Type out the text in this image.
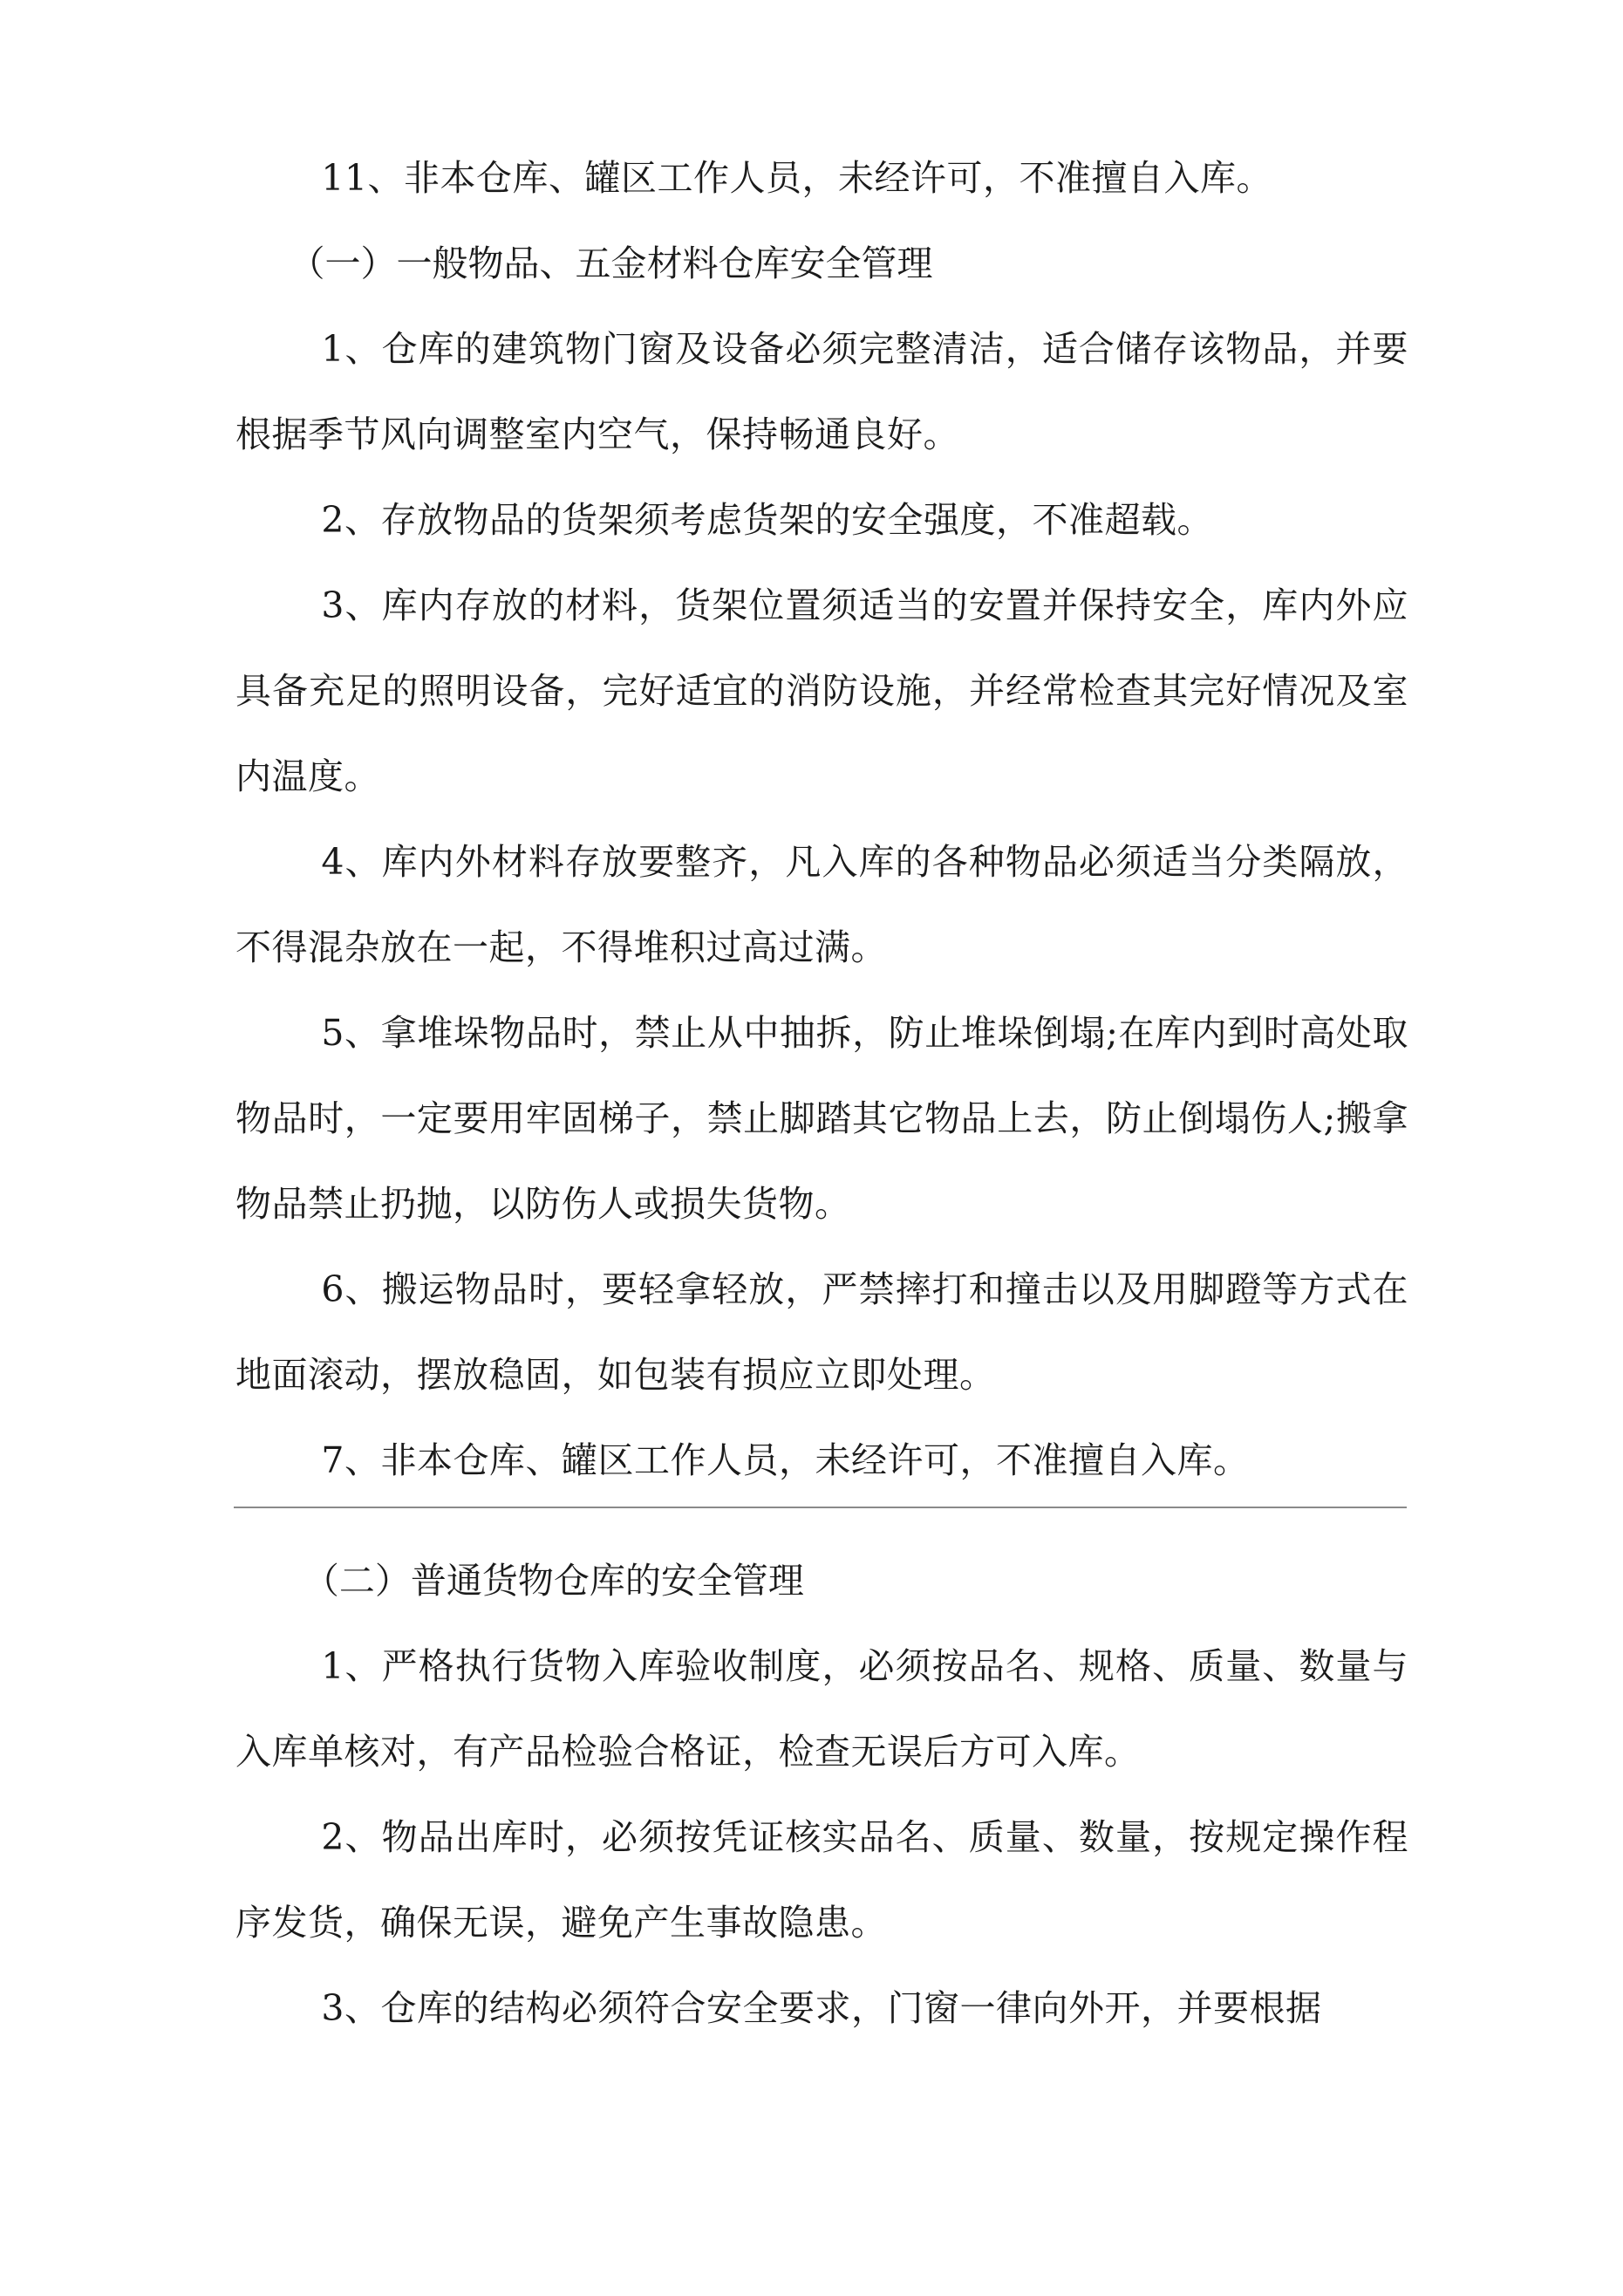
11、非本仓库、罐区工作人员，未经许可，不准擅自入库。

（一）一般物品、五金材料仓库安全管理

1、仓库的建筑物门窗及设备必须完整清洁，适合储存该物品，并要根据季节风向调整室内空气，保持畅通良好。

2、存放物品的货架须考虑货架的安全强度，不准超载。

3、库内存放的材料，货架位置须适当的安置并保持安全，库内外应具备充足的照明设备，完好适宜的消防设施，并经常检查其完好情况及室内温度。

4、库内外材料存放要整齐，凡入库的各种物品必须适当分类隔放，不得混杂放在一起，不得堆积过高过满。

5、拿堆垛物品时，禁止从中抽拆，防止堆垛倒塌;在库内到时高处取物品时，一定要用牢固梯子，禁止脚踏其它物品上去，防止倒塌伤人;搬拿物品禁止扔抛，以防伤人或损失货物。

6、搬运物品时，要轻拿轻放，严禁摔打和撞击以及用脚蹬等方式在地面滚动，摆放稳固，如包装有损应立即处理。

7、非本仓库、罐区工作人员，未经许可，不准擅自入库。

（二）普通货物仓库的安全管理

1、严格执行货物入库验收制度，必须按品名、规格、质量、数量与入库单核对，有产品检验合格证，检查无误后方可入库。

2、物品出库时，必须按凭证核实品名、质量、数量，按规定操作程序发货，确保无误，避免产生事故隐患。

3、仓库的结构必须符合安全要求，门窗一律向外开，并要根据
